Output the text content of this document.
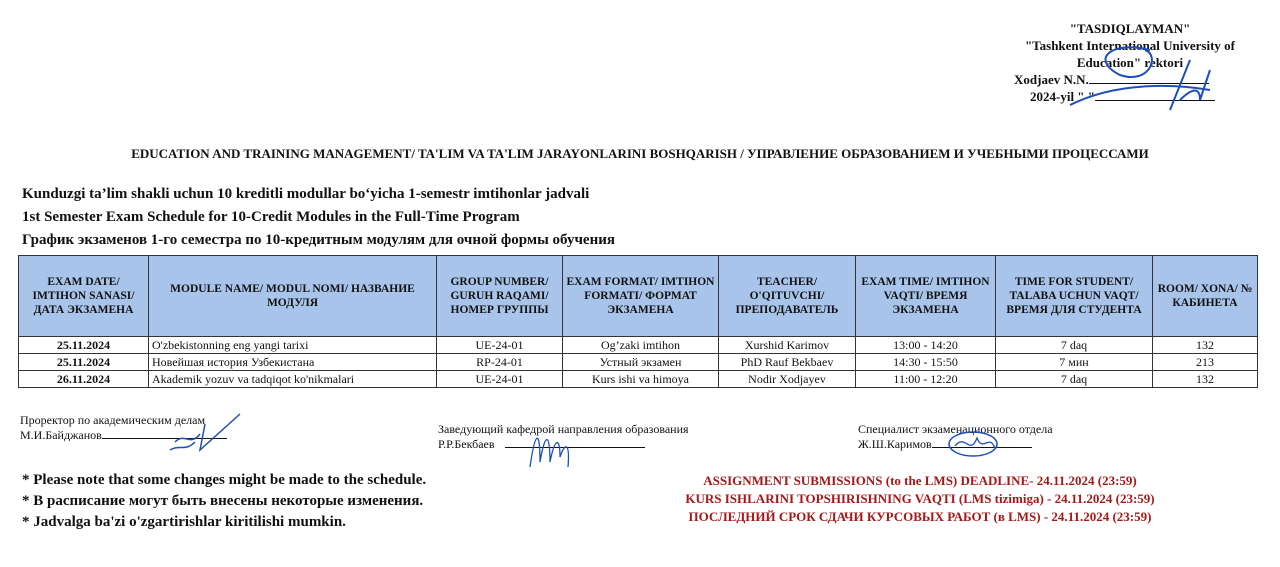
"TASDIQLAYMAN"
"Tashkent International University of
Education" rektori
Xodjaev N.N.
2024-yil " "
EDUCATION AND TRAINING MANAGEMENT/ TA'LIM VA TA'LIM JARAYONLARINI BOSHQARISH / УПРАВЛЕНИЕ ОБРАЗОВАНИЕМ И УЧЕБНЫМИ ПРОЦЕССАМИ
Kunduzgi ta’lim shakli uchun 10 kreditli modullar bo‘yicha 1-semestr imtihonlar jadvali
1st Semester Exam Schedule for 10-Credit Modules in the Full-Time Program
График экзаменов 1-го семестра по 10-кредитным модулям для очной формы обучения
EXAM DATE/ IMTIHON SANASI/ ДАТА ЭКЗАМЕНА	MODULE NAME/ MODUL NOMI/ НАЗВАНИЕ МОДУЛЯ	GROUP NUMBER/ GURUH RAQAMI/ НОМЕР ГРУППЫ	EXAM FORMAT/ IMTIHON FORMATI/ ФОРМАТ ЭКЗАМЕНА	TEACHER/ O'QITUVCHI/ ПРЕПОДАВАТЕЛЬ	EXAM TIME/ IMTIHON VAQTI/ ВРЕМЯ ЭКЗАМЕНА	TIME FOR STUDENT/ TALABA UCHUN VAQT/ ВРЕМЯ ДЛЯ СТУДЕНТА	ROOM/ XONA/ № КАБИНЕТА
25.11.2024	O'zbekistonning eng yangi tarixi	UE-24-01	Og’zaki imtihon	Xurshid Karimov	13:00 - 14:20	7 daq	132
25.11.2024	Новейшая история Узбекистана	RP-24-01	Устный экзамен	PhD Rauf Bekbaev	14:30 - 15:50	7 мин	213
26.11.2024	Akademik yozuv va tadqiqot ko'nikmalari	UE-24-01	Kurs ishi va himoya	Nodir Xodjayev	11:00 - 12:20	7 daq	132
Проректор по академическим делам
М.И.Байджанов	Заведующий кафедрой направления образования
Р.Р.Бекбаев
Специалист экзаменационного отдела
Ж.Ш.Каримов
* Please note that some changes might be made to the schedule.
* В расписание могут быть внесены некоторые изменения.
* Jadvalga ba'zi o'zgartirishlar kiritilishi mumkin.
ASSIGNMENT SUBMISSIONS (to the LMS) DEADLINE- 24.11.2024 (23:59)
KURS ISHLARINI TOPSHIRISHNING VAQTI (LMS tizimiga) - 24.11.2024 (23:59)
ПОСЛЕДНИЙ СРОК СДАЧИ КУРСОВЫХ РАБОТ (в LMS) - 24.11.2024 (23:59)
